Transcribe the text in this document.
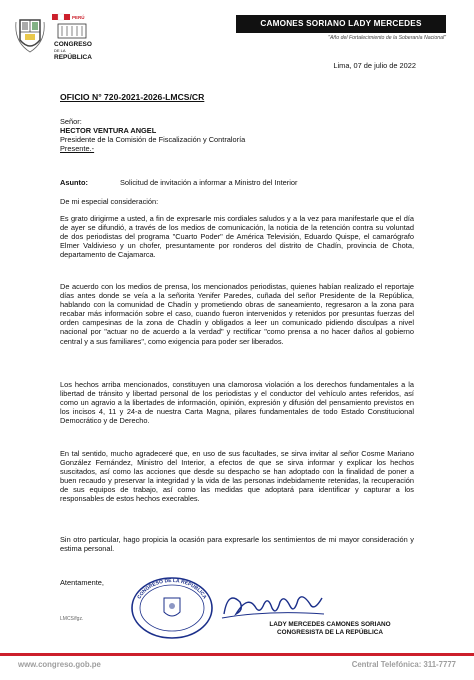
PERÚ
CONGRESO
DE LA
REPÚBLICA
CAMONES SORIANO LADY MERCEDES
"Año del Fortalecimiento de la Soberanía Nacional"
Lima, 07 de julio de 2022
OFICIO N° 720-2021-2026-LMCS/CR
Señor:
HECTOR VENTURA ANGEL
Presidente de la Comisión de Fiscalización y Contraloría
Presente.-
Asunto:	Solicitud de invitación a informar a Ministro del Interior
De mi especial consideración:
Es grato dirigirme a usted, a fin de expresarle mis cordiales saludos y a la vez para manifestarle que el día de ayer se difundió, a través de los medios de comunicación, la noticia de la retención contra su voluntad de dos periodistas del programa "Cuarto Poder" de América Televisión, Eduardo Quispe, el camarógrafo Elmer Valdivieso y un chofer, presuntamente por ronderos del distrito de Chadín, provincia de Chota, departamento de Cajamarca.
De acuerdo con los medios de prensa, los mencionados periodistas, quienes habían realizado el reportaje días antes donde se veía a la señorita Yenifer Paredes, cuñada del señor Presidente de la República, hablando con la comunidad de Chadín y prometiendo obras de saneamiento, regresaron a la zona para recabar más información sobre el caso, cuando fueron intervenidos y retenidos por presuntas fuerzas del orden campesinas de la zona de Chadín y obligados a leer un comunicado pidiendo disculpas a nivel nacional por "actuar no de acuerdo a la verdad" y rectificar "como prensa a no hacer daños al gobierno central y a sus familiares", como exigencia para poder ser liberados.
Los hechos arriba mencionados, constituyen una clamorosa violación a los derechos fundamentales a la libertad de tránsito y libertad personal de los periodistas y el conductor del vehículo antes referidos, así como un agravio a la libertades de información, opinión, expresión y difusión del pensamiento previstos en los incisos 4, 11 y 24-a de nuestra Carta Magna, pilares fundamentales de todo Estado Constitucional Democrático y de Derecho.
En tal sentido, mucho agradeceré que, en uso de sus facultades, se sirva invitar al señor Cosme Mariano González Fernández, Ministro del Interior, a efectos de que se sirva informar y explicar los hechos suscitados, así como las acciones que desde su despacho se han adoptado con la finalidad de poner a buen recaudo y preservar la integridad y la vida de las personas indebidamente retenidas, la recuperación de sus equipos de trabajo, así como las medidas que adoptará para identificar y capturar a los responsables de estos hechos execrables.
Sin otro particular, hago propicia la ocasión para expresarle los sentimientos de mi mayor consideración y estima personal.
Atentamente,
LMCS/fgz.
CONGRESO DE LA REPÚBLICA
LADY MERCEDES CAMONES SORIANO
CONGRESISTA DE LA REPÚBLICA
www.congreso.gob.pe	Central Telefónica: 311-7777
